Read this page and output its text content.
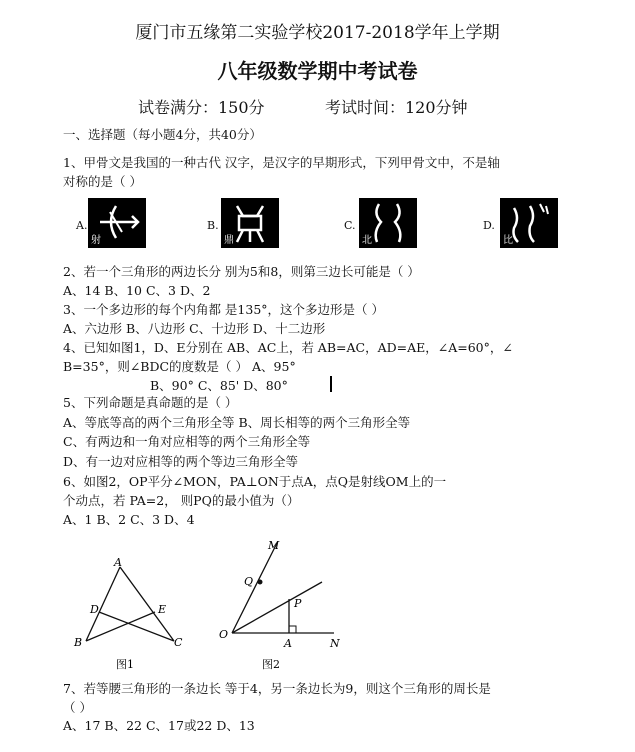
厦门市五缘第二实验学校2017-2018学年上学期
八年级数学期中考试卷
试卷满分：150分	考试时间：120分钟
一、选择题（每小题4分，共40分）
1、甲骨文是我国的一种古代 汉字，是汉字的早期形式，下列甲骨文中，不是轴
对称的是（ ）
A.
射
B.
鼎
C.
北
D.
比
2、若一个三角形的两边长分 别为5和8，则第三边长可能是（ ）
A、14 B、10 C、3 D、2
3、一个多边形的每个内角都 是135°，这个多边形是（ ）
A、六边形 B、八边形 C、十边形 D、十二边形
4、已知如图1，D、E分别在 AB、AC上，若 AB=AC，AD=AE，∠A=60°，∠
B=35°，则∠BDC的度数是（ ） A、95°
B、90° C、85' D、80°
5、下列命题是真命题的是（ ）
A、等底等高的两个三角形全等 B、周长相等的两个三角形全等
C、有两边和一角对应相等的两个三角形全等
D、有一边对应相等的两个等边三角形全等
6、如图2，OP平分∠MON，PA⊥ON于点A，点Q是射线OM上的一
个动点，若 PA=2， 则PQ的最小值为（）
A、1 B、2 C、3 D、4
A
B	C
D	E
图1
M
Q
P
O
A	N
图2
7、若等腰三角形的一条边长 等于4，另一条边长为9，则这个三角形的周长是
（ ）
A、17 B、22 C、17或22 D、13
